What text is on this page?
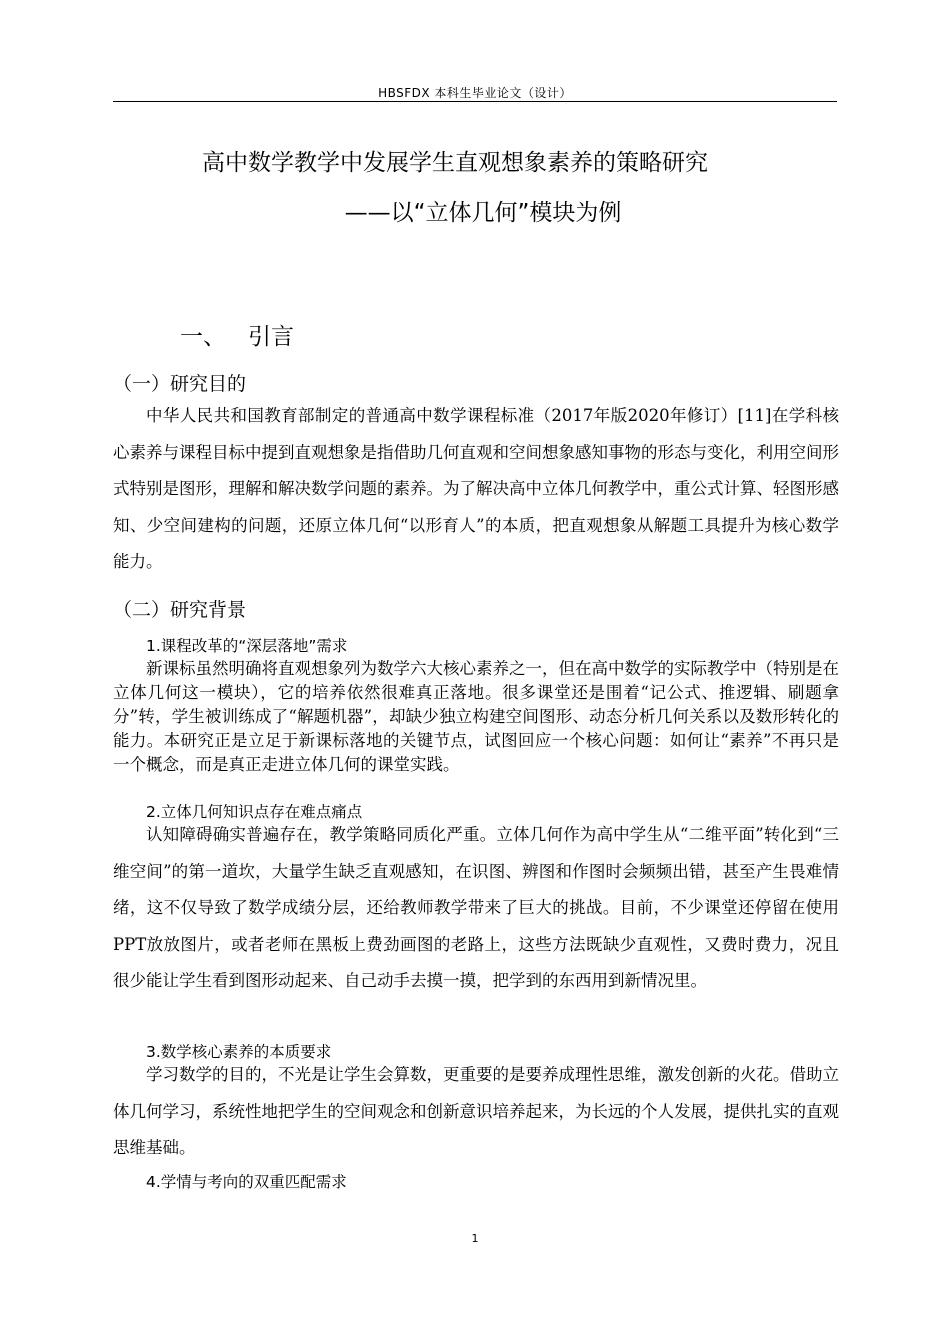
HBSFDX 本科生毕业论文（设计）
高中数学教学中发展学生直观想象素养的策略研究
——以“立体几何”模块为例
一、 引言
（一）研究目的

中华人民共和国教育部制定的普通高中数学课程标准（2017年版2020年修订）[11]在学科核心素养与课程目标中提到直观想象是指借助几何直观和空间想象感知事物的形态与变化，利用空间形式特别是图形，理解和解决数学问题的素养。为了解决高中立体几何教学中，重公式计算、轻图形感知、少空间建构的问题，还原立体几何“以形育人”的本质，把直观想象从解题工具提升为核心数学能力。

（二）研究背景
1.课程改革的“深层落地”需求

新课标虽然明确将直观想象列为数学六大核心素养之一，但在高中数学的实际教学中（特别是在立体几何这一模块），它的培养依然很难真正落地。很多课堂还是围着“记公式、推逻辑、刷题拿分”转，学生被训练成了“解题机器”，却缺少独立构建空间图形、动态分析几何关系以及数形转化的能力。本研究正是立足于新课标落地的关键节点，试图回应一个核心问题：如何让“素养”不再只是一个概念，而是真正走进立体几何的课堂实践。

2.立体几何知识点存在难点痛点

认知障碍确实普遍存在，教学策略同质化严重。立体几何作为高中学生从“二维平面”转化到“三维空间”的第一道坎，大量学生缺乏直观感知，在识图、辨图和作图时会频频出错，甚至产生畏难情绪，这不仅导致了数学成绩分层，还给教师教学带来了巨大的挑战。目前，不少课堂还停留在使用PPT放放图片，或者老师在黑板上费劲画图的老路上，这些方法既缺少直观性，又费时费力，况且很少能让学生看到图形动起来、自己动手去摸一摸，把学到的东西用到新情况里。

3.数学核心素养的本质要求

学习数学的目的，不光是让学生会算数，更重要的是要养成理性思维，激发创新的火花。借助立体几何学习，系统性地把学生的空间观念和创新意识培养起来，为长远的个人发展，提供扎实的直观思维基础。

4.学情与考向的双重匹配需求
1
